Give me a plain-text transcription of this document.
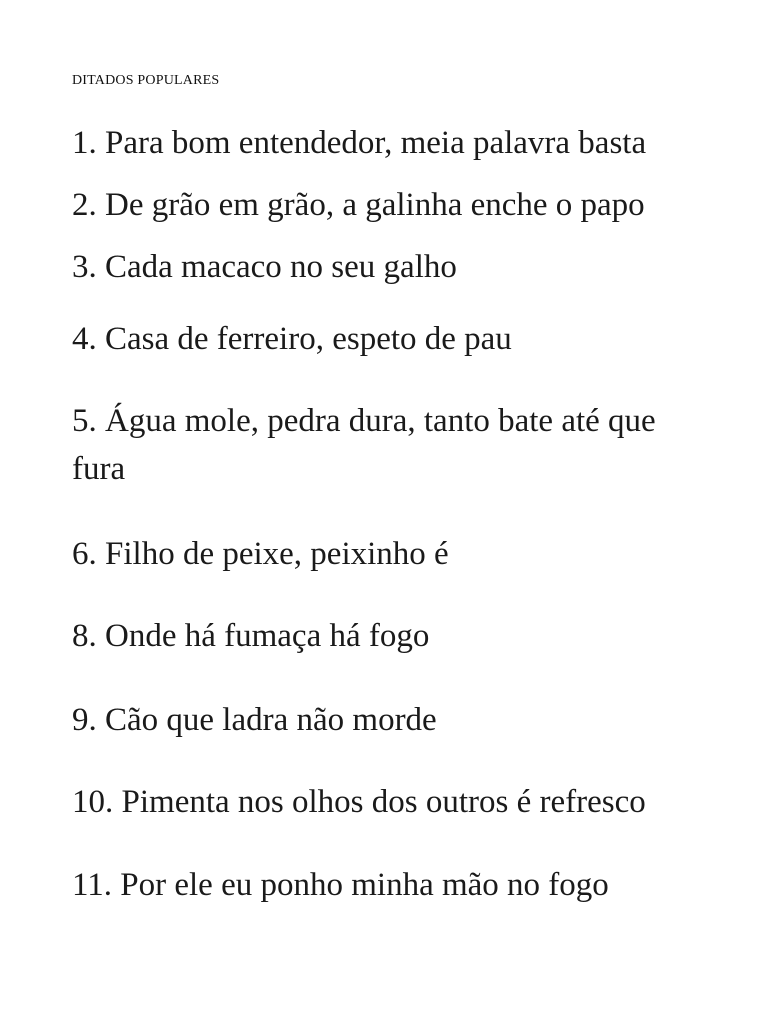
DITADOS POPULARES
1. Para bom entendedor, meia palavra basta
2. De grão em grão, a galinha enche o papo
3. Cada macaco no seu galho
4. Casa de ferreiro, espeto de pau
5. Água mole, pedra dura, tanto bate até que fura
6. Filho de peixe, peixinho é
8. Onde há fumaça há fogo
9. Cão que ladra não morde
10. Pimenta nos olhos dos outros é refresco
11. Por ele eu ponho minha mão no fogo
